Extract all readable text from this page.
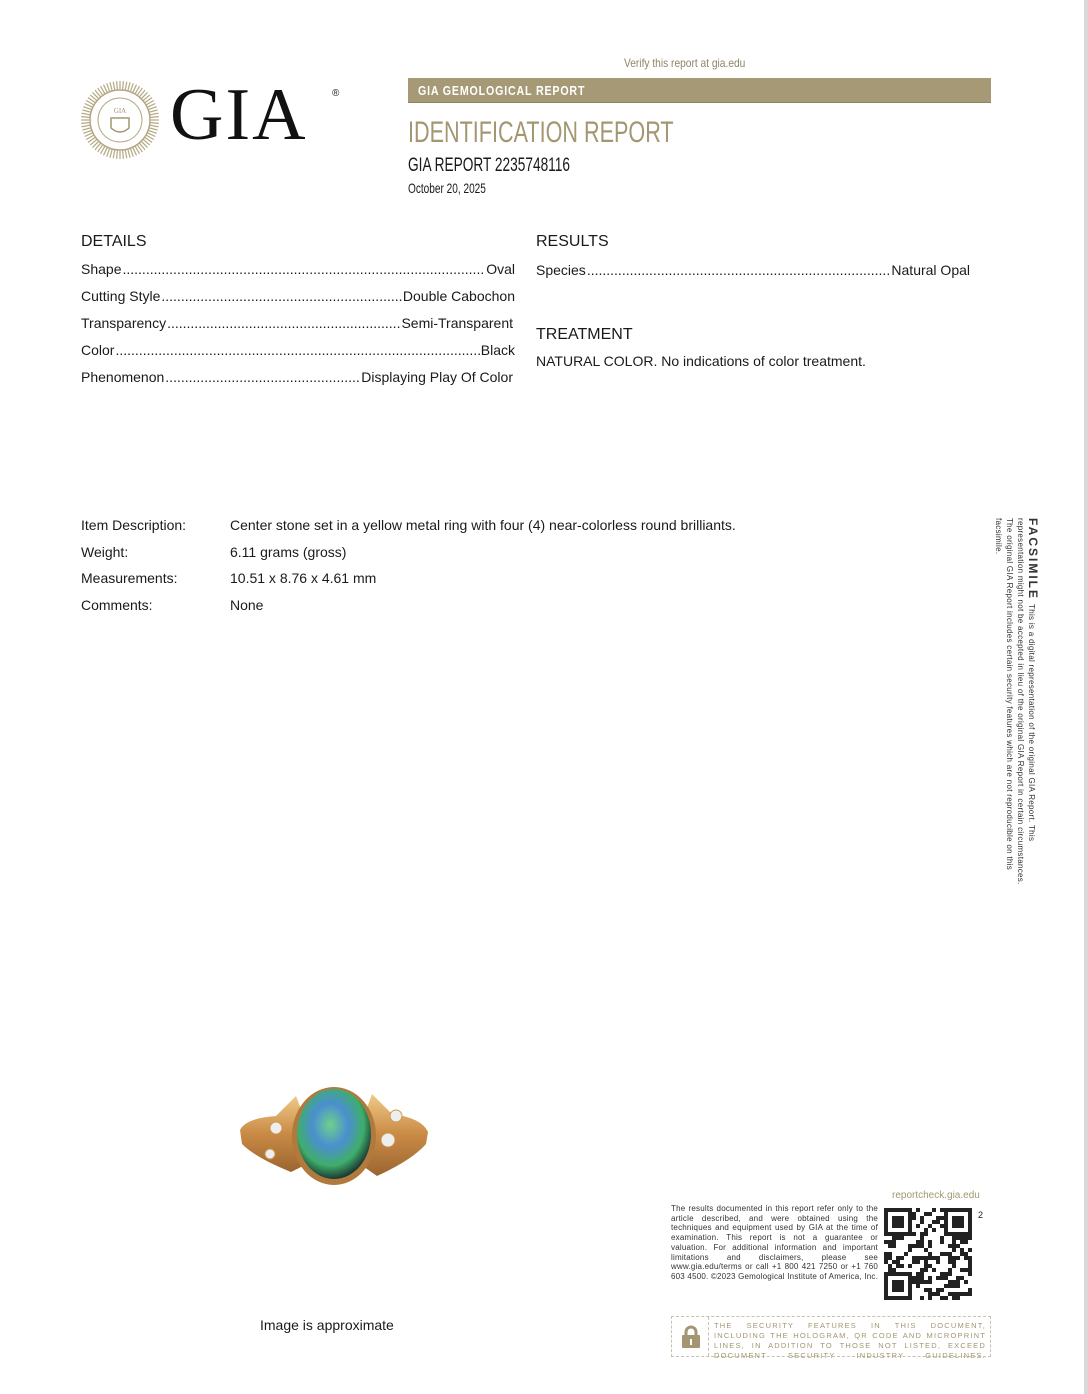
GIA GIA ®
Verify this report at gia.edu
GIA GEMOLOGICAL REPORT
IDENTIFICATION REPORT
GIA REPORT 2235748116
October 20, 2025
DETAILS
Shape .....	Oval
Cutting Style .....	Double Cabochon
Transparency .....	Semi-Transparent
Color .....	Black
Phenomenon .....	Displaying Play Of Color
RESULTS
Species .....	Natural Opal
TREATMENT
NATURAL COLOR. No indications of color treatment.
Item Description:	Center stone set in a yellow metal ring with four (4) near-colorless round brilliants.
Weight:	6.11 grams (gross)
Measurements:	10.51 x 8.76 x 4.61 mm
Comments:	None
FACSIMILEThis is a digital representation of the original GIA Report. This representation might not be accepted in lieu of the original GIA Report in certain circumstances. The original GIA Report includes certain security features which are not reproducible on this facsimile.
Image is approximate
The results documented in this report refer only to the article described, and were obtained using the techniques and equipment used by GIA at the time of examination. This report is not a guarantee or valuation. For additional information and important limitations and disclaimers, please see www.gia.edu/terms or call +1 800 421 7250 or +1 760 603 4500. ©2023 Gemological Institute of America, Inc.
reportcheck.gia.edu
2
THE SECURITY FEATURES IN THIS DOCUMENT, INCLUDING THE HOLOGRAM, QR CODE AND MICROPRINT LINES, IN ADDITION TO THOSE NOT LISTED, EXCEED DOCUMENT SECURITY INDUSTRY GUIDELINES.
